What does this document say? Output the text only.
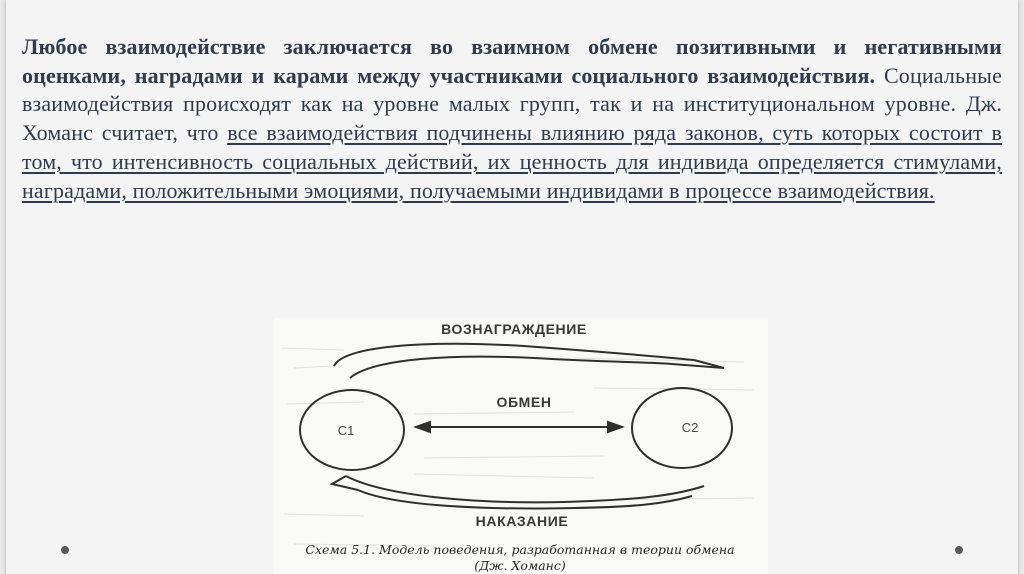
Любое взаимодействие заключается во взаимном обмене позитивными и негативными оценками, наградами и карами между участниками социального взаимодействия. Социальные взаимодействия происходят как на уровне малых групп, так и на институциональном уровне. Дж. Хоманс считает, что все взаимодействия подчинены влиянию ряда законов, суть которых состоит в том, что интенсивность социальных действий, их ценность для индивида определяется стимулами, наградами, положительными эмоциями, получаемыми индивидами в процессе взаимодействия.
ВОЗНАГРАЖДЕНИЕ
ОБМЕН
НАКАЗАНИЕ
C1	C2
Схема 5.1. Модель поведения, разработанная в теории обмена
(Дж. Хоманс)
